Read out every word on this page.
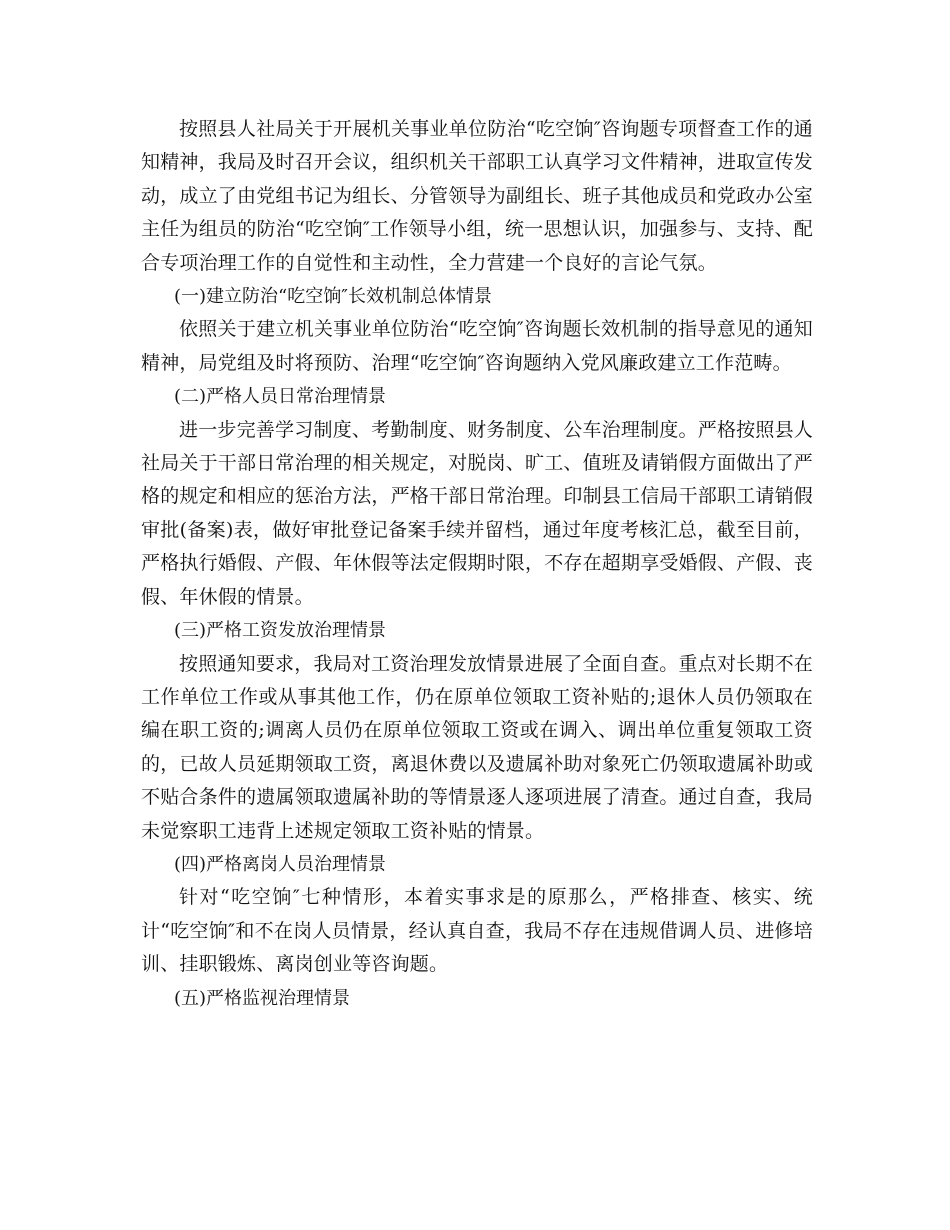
按照县人社局关于开展机关事业单位防治“吃空饷″咨询题专项督查工作的通知精神，我局及时召开会议，组织机关干部职工认真学习文件精神，进取宣传发动，成立了由党组书记为组长、分管领导为副组长、班子其他成员和党政办公室主任为组员的防治“吃空饷″工作领导小组，统一思想认识，加强参与、支持、配合专项治理工作的自觉性和主动性，全力营建一个良好的言论气氛。

(一)建立防治“吃空饷″长效机制总体情景

依照关于建立机关事业单位防治“吃空饷″咨询题长效机制的指导意见的通知精神，局党组及时将预防、治理“吃空饷″咨询题纳入党风廉政建立工作范畴。

(二)严格人员日常治理情景

进一步完善学习制度、考勤制度、财务制度、公车治理制度。严格按照县人社局关于干部日常治理的相关规定，对脱岗、旷工、值班及请销假方面做出了严格的规定和相应的惩治方法，严格干部日常治理。印制县工信局干部职工请销假审批(备案)表，做好审批登记备案手续并留档，通过年度考核汇总，截至目前，严格执行婚假、产假、年休假等法定假期时限，不存在超期享受婚假、产假、丧假、年休假的情景。

(三)严格工资发放治理情景

按照通知要求，我局对工资治理发放情景进展了全面自查。重点对长期不在工作单位工作或从事其他工作，仍在原单位领取工资补贴的;退休人员仍领取在编在职工资的;调离人员仍在原单位领取工资或在调入、调出单位重复领取工资的，已故人员延期领取工资，离退休费以及遗属补助对象死亡仍领取遗属补助或不贴合条件的遗属领取遗属补助的等情景逐人逐项进展了清查。通过自查，我局未觉察职工违背上述规定领取工资补贴的情景。

(四)严格离岗人员治理情景

针对“吃空饷″七种情形，本着实事求是的原那么，严格排查、核实、统计“吃空饷″和不在岗人员情景，经认真自查，我局不存在违规借调人员、进修培训、挂职锻炼、离岗创业等咨询题。

(五)严格监视治理情景
